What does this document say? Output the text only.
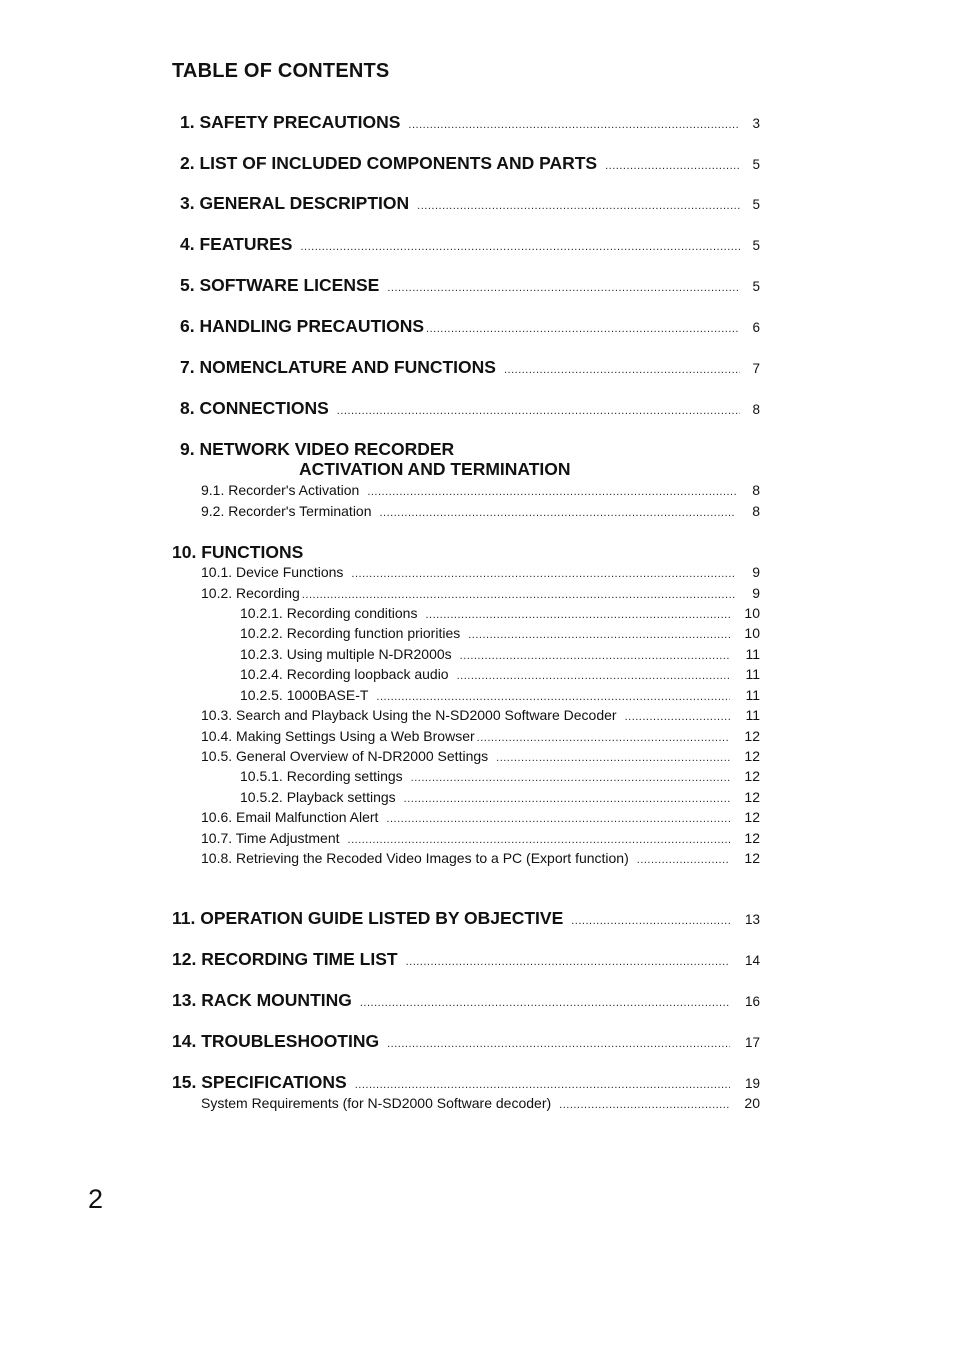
TABLE OF CONTENTS
1. SAFETY PRECAUTIONS .....	3
2. LIST OF INCLUDED COMPONENTS AND PARTS .....	5
3. GENERAL DESCRIPTION .....	5
4. FEATURES .....	5
5. SOFTWARE LICENSE .....	5
6. HANDLING PRECAUTIONS .....	6
7. NOMENCLATURE AND FUNCTIONS .....	7
8. CONNECTIONS .....	8
9. NETWORK VIDEO RECORDER
ACTIVATION AND TERMINATION
9.1. Recorder's Activation .....	8
9.2. Recorder's Termination .....	8
10. FUNCTIONS
10.1. Device Functions .....	9
10.2. Recording .....	9
10.2.1. Recording conditions .....	10
10.2.2. Recording function priorities .....	10
10.2.3. Using multiple N-DR2000s .....	11
10.2.4. Recording loopback audio .....	11
10.2.5. 1000BASE-T .....	11
10.3. Search and Playback Using the N-SD2000 Software Decoder .....	11
10.4. Making Settings Using a Web Browser .....	12
10.5. General Overview of N-DR2000 Settings .....	12
10.5.1. Recording settings .....	12
10.5.2. Playback settings .....	12
10.6. Email Malfunction Alert .....	12
10.7. Time Adjustment .....	12
10.8. Retrieving the Recoded Video Images to a PC (Export function) .....	12
11. OPERATION GUIDE LISTED BY OBJECTIVE .....	13
12. RECORDING TIME LIST .....	14
13. RACK MOUNTING .....	16
14. TROUBLESHOOTING .....	17
15. SPECIFICATIONS .....	19
System Requirements (for N-SD2000 Software decoder) .....	20
2
